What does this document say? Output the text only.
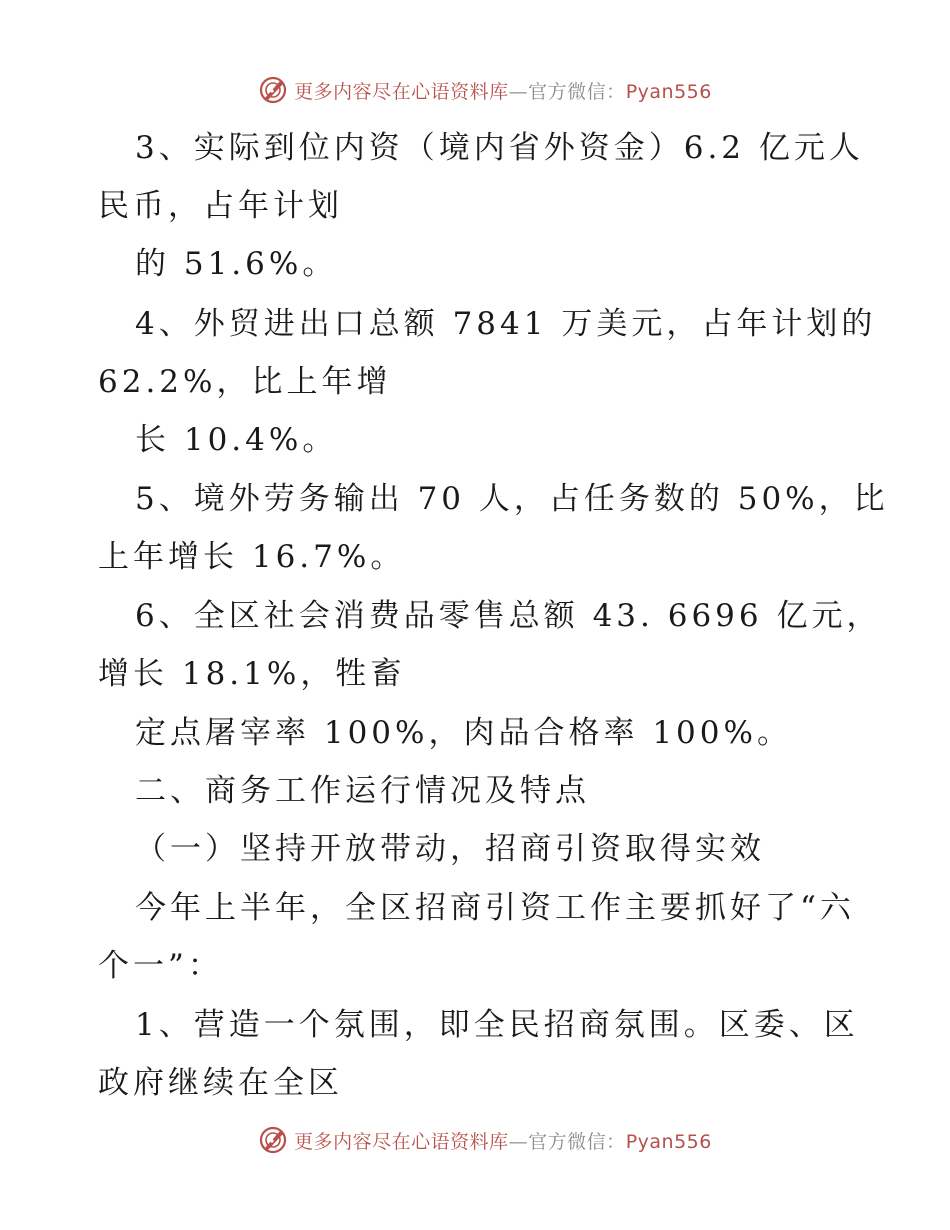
更多内容尽在心语资料库—官方微信：Pyan556
3、实际到位内资（境内省外资金）6.2 亿元人
民币，占年计划
的 51.6%。
4、外贸进出口总额 7841 万美元，占年计划的
62.2%，比上年增
长 10.4%。
5、境外劳务输出 70 人，占任务数的 50%，比
上年增长 16.7%。
6、全区社会消费品零售总额 43. 6696 亿元，
增长 18.1%，牲畜
定点屠宰率 100%，肉品合格率 100%。
二、商务工作运行情况及特点
（一）坚持开放带动，招商引资取得实效
今年上半年，全区招商引资工作主要抓好了“六
个一”：
1、营造一个氛围，即全民招商氛围。区委、区
政府继续在全区
更多内容尽在心语资料库—官方微信：Pyan556
